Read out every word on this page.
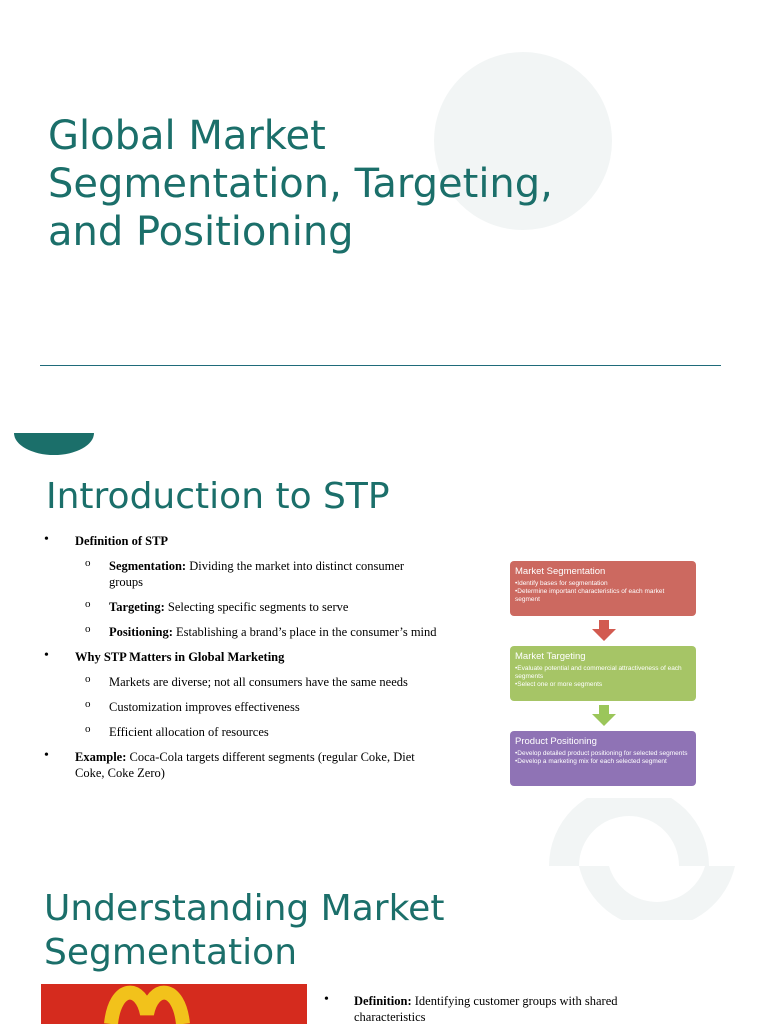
Global Market
Segmentation, Targeting,
and Positioning
Introduction to STP
• Definition of STP
o Segmentation: Dividing the market into distinct consumer groups
o Targeting: Selecting specific segments to serve
o Positioning: Establishing a brand’s place in the consumer’s mind
• Why STP Matters in Global Marketing
o Markets are diverse; not all consumers have the same needs
o Customization improves effectiveness
o Efficient allocation of resources
• Example: Coca-Cola targets different segments (regular Coke, Diet Coke, Coke Zero)
Market Segmentation
•Identify bases for segmentation
•Determine important characteristics of each market segment
Market Targeting
•Evaluate potential and commercial attractiveness of each segments
•Select one or more segments
Product Positioning
•Develop detailed product positioning for selected segments
•Develop a marketing mix for each selected segment
Understanding Market
Segmentation
• Definition: Identifying customer groups with shared characteristics
